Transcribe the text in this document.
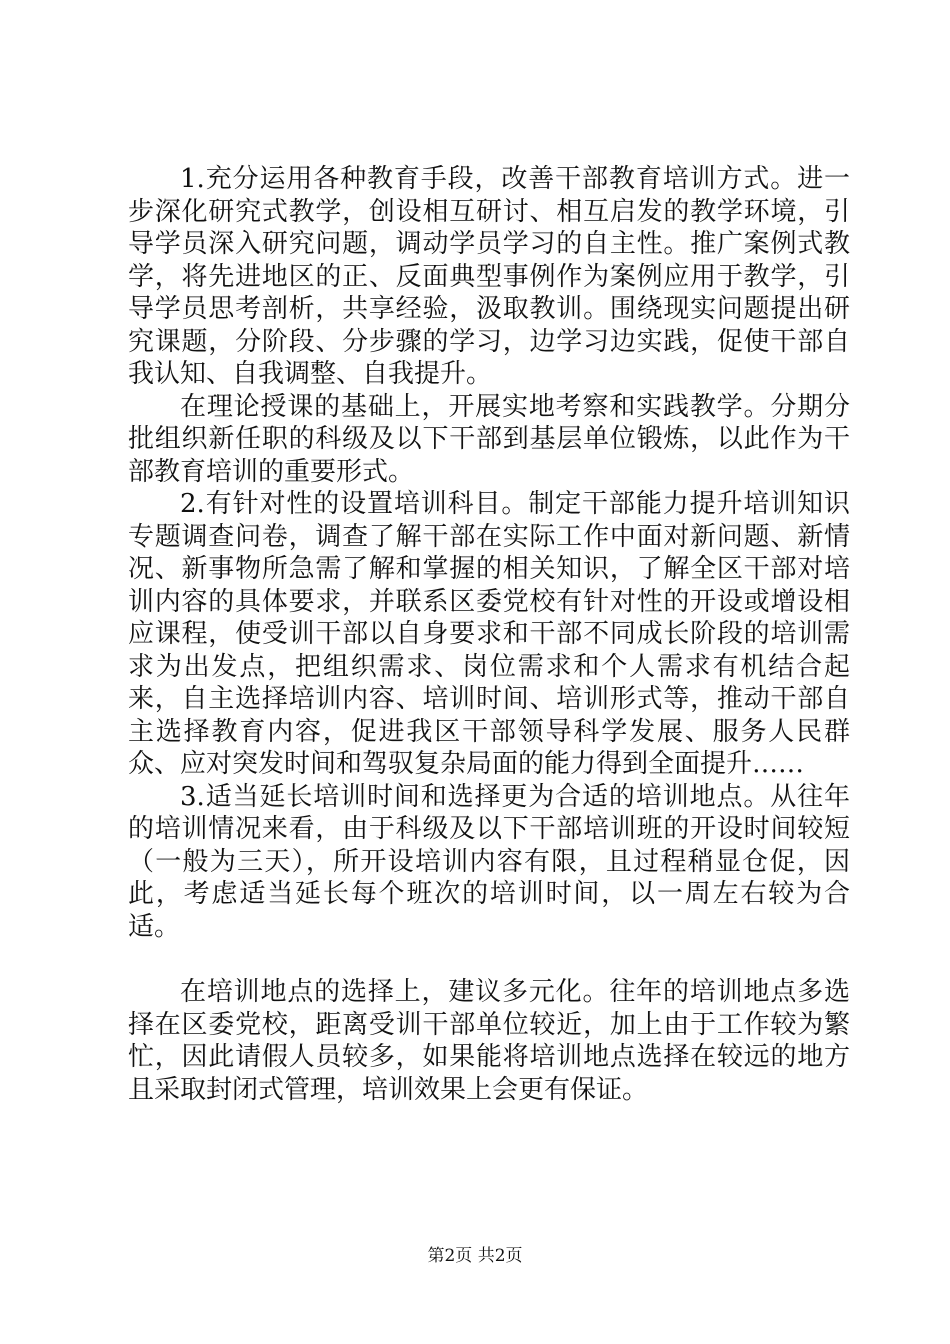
1.充分运用各种教育手段，改善干部教育培训方式。进一步深化研究式教学，创设相互研讨、相互启发的教学环境，引导学员深入研究问题，调动学员学习的自主性。推广案例式教学，将先进地区的正、反面典型事例作为案例应用于教学，引导学员思考剖析，共享经验，汲取教训。围绕现实问题提出研究课题，分阶段、分步骤的学习，边学习边实践，促使干部自我认知、自我调整、自我提升。

在理论授课的基础上，开展实地考察和实践教学。分期分批组织新任职的科级及以下干部到基层单位锻炼，以此作为干部教育培训的重要形式。

2.有针对性的设置培训科目。制定干部能力提升培训知识专题调查问卷，调查了解干部在实际工作中面对新问题、新情况、新事物所急需了解和掌握的相关知识，了解全区干部对培训内容的具体要求，并联系区委党校有针对性的开设或增设相应课程，使受训干部以自身要求和干部不同成长阶段的培训需求为出发点，把组织需求、岗位需求和个人需求有机结合起来，自主选择培训内容、培训时间、培训形式等，推动干部自主选择教育内容，促进我区干部领导科学发展、服务人民群众、应对突发时间和驾驭复杂局面的能力得到全面提升……

3.适当延长培训时间和选择更为合适的培训地点。从往年的培训情况来看，由于科级及以下干部培训班的开设时间较短（一般为三天），所开设培训内容有限，且过程稍显仓促，因此，考虑适当延长每个班次的培训时间，以一周左右较为合适。

在培训地点的选择上，建议多元化。往年的培训地点多选择在区委党校，距离受训干部单位较近，加上由于工作较为繁忙，因此请假人员较多，如果能将培训地点选择在较远的地方且采取封闭式管理，培训效果上会更有保证。

第2页 共2页
